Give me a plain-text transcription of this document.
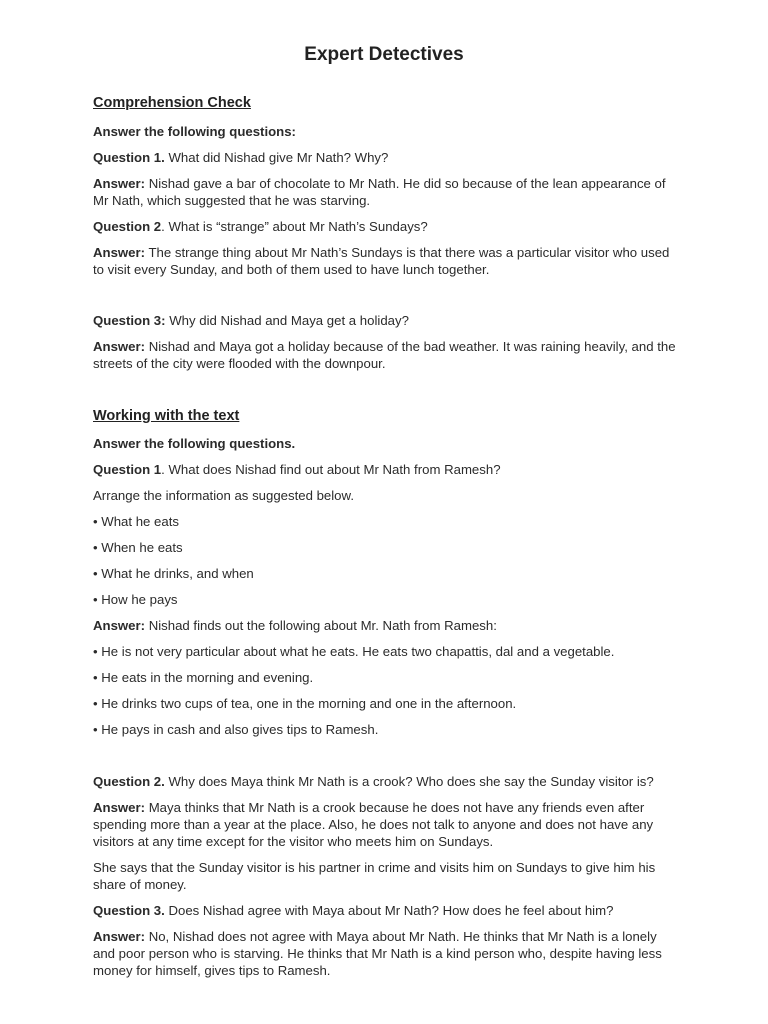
Expert Detectives
Comprehension Check
Answer the following questions:
Question 1. What did Nishad give Mr Nath? Why?
Answer: Nishad gave a bar of chocolate to Mr Nath. He did so because of the lean appearance of Mr Nath, which suggested that he was starving.
Question 2. What is “strange” about Mr Nath’s Sundays?
Answer: The strange thing about Mr Nath’s Sundays is that there was a particular visitor who used to visit every Sunday, and both of them used to have lunch together.
Question 3: Why did Nishad and Maya get a holiday?
Answer: Nishad and Maya got a holiday because of the bad weather. It was raining heavily, and the streets of the city were flooded with the downpour.
Working with the text
Answer the following questions.
Question 1. What does Nishad find out about Mr Nath from Ramesh?
Arrange the information as suggested below.
• What he eats
• When he eats
• What he drinks, and when
• How he pays
Answer: Nishad finds out the following about Mr. Nath from Ramesh:
• He is not very particular about what he eats. He eats two chapattis, dal and a vegetable.
• He eats in the morning and evening.
• He drinks two cups of tea, one in the morning and one in the afternoon.
• He pays in cash and also gives tips to Ramesh.
Question 2. Why does Maya think Mr Nath is a crook? Who does she say the Sunday visitor is?
Answer: Maya thinks that Mr Nath is a crook because he does not have any friends even after spending more than a year at the place. Also, he does not talk to anyone and does not have any visitors at any time except for the visitor who meets him on Sundays.
She says that the Sunday visitor is his partner in crime and visits him on Sundays to give him his share of money.
Question 3. Does Nishad agree with Maya about Mr Nath? How does he feel about him?
Answer: No, Nishad does not agree with Maya about Mr Nath. He thinks that Mr Nath is a lonely and poor person who is starving. He thinks that Mr Nath is a kind person who, despite having less money for himself, gives tips to Ramesh.
